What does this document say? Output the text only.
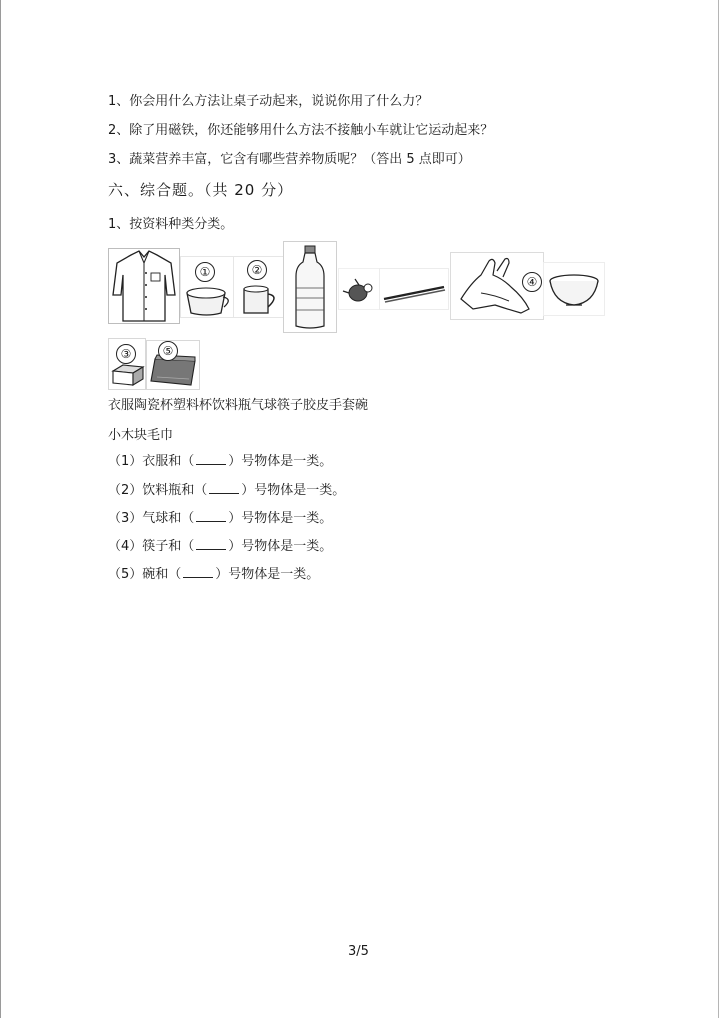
1、你会用什么方法让桌子动起来，说说你用了什么力？
2、除了用磁铁，你还能够用什么方法不接触小车就让它运动起来？
3、蔬菜营养丰富，它含有哪些营养物质呢？（答出 5 点即可）
六、综合题。（共 20 分）
1、按资料种类分类。
①	②
④
③	⑤
衣服陶瓷杯塑料杯饮料瓶气球筷子胶皮手套碗
小木块毛巾
（1）衣服和（	）号物体是一类。
（2）饮料瓶和（	）号物体是一类。
（3）气球和（	）号物体是一类。
（4）筷子和（	）号物体是一类。
（5）碗和（	）号物体是一类。
3/5
